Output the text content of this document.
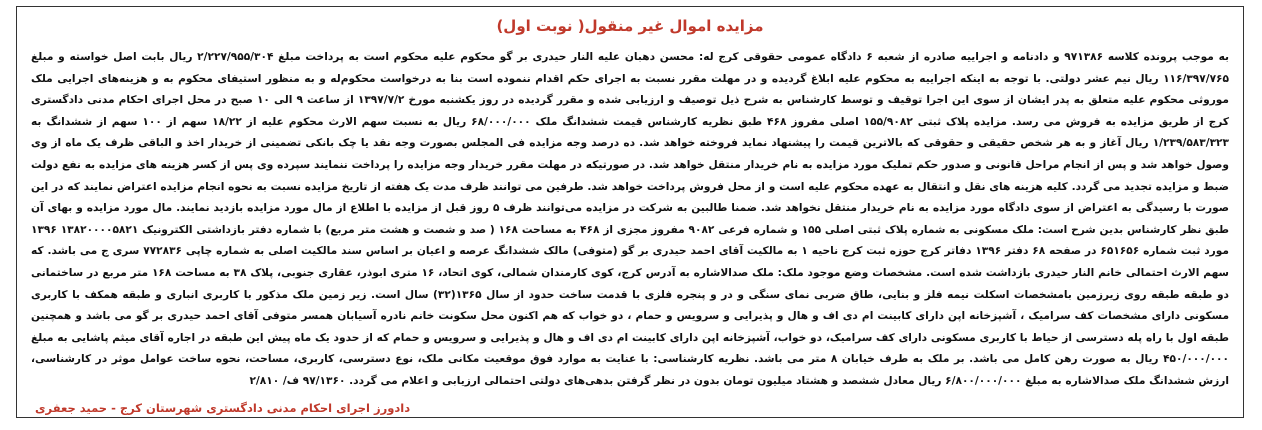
مزایده اموال غیر منقول( نوبت اول)

به موجب پرونده کلاسه ۹۷۱۳۸۶ و دادنامه و اجراییه صادره از شعبه ۶ دادگاه عمومی حقوقی کرج له: محسن دهبان علیه النار حیدری بر گو محکوم علیه محکوم است به پرداخت مبلغ ۲/۲۲۷/۹۵۵/۳۰۴ ریال بابت اصل خواسته و مبلغ ۱۱۶/۳۹۷/۷۶۵ ریال نیم عشر دولتی. با توجه به اینکه اجراییه به محکوم علیه ابلاغ گردیده و در مهلت مقرر نسبت به اجرای حکم اقدام ننموده است بنا به درخواست محکوم‌له و به منظور استیفای محکوم به و هزینه‌های اجرایی ملک موروثی محکوم علیه متعلق به پدر ایشان از سوی این اجرا توقیف و توسط کارشناس به شرح ذیل توصیف و ارزیابی شده و مقرر گردیده در روز یکشنبه مورخ ۱۳۹۷/۷/۲ از ساعت ۹ الی ۱۰ صبح در محل اجرای احکام مدنی دادگستری کرج از طریق مزایده به فروش می رسد. مزایده پلاک ثبتی ۱۵۵/۹۰۸۲ اصلی مفروز ۴۶۸ طبق نظریه کارشناس قیمت ششدانگ ملک ۶۸/۰۰۰/۰۰۰ ریال به نسبت سهم الارث محکوم علیه از ۱۸/۲۲ سهم از ۱۰۰ سهم از ششدانگ به ۱/۲۳۹/۵۸۳/۳۲۳ ریال آغاز و به هر شخص حقیقی و حقوقی که بالاترین قیمت را پیشنهاد نماید فروخته خواهد شد. ده درصد وجه مزایده فی المجلس بصورت وجه نقد یا چک بانکی تضمینی از خریدار اخذ و الباقی ظرف یک ماه از وی وصول خواهد شد و پس از انجام مراحل قانونی و صدور حکم تملیک مورد مزایده به نام خریدار منتقل خواهد شد. در صورتیکه در مهلت مقرر خریدار وجه مزایده را پرداخت ننمایند سپرده وی پس از کسر هزینه های مزایده به نفع دولت ضبط و مزایده تجدید می گردد. کلیه هزینه های نقل و انتقال به عهده محکوم علیه است و از محل فروش پرداخت خواهد شد. طرفین می توانند ظرف مدت یک هفته از تاریخ مزایده نسبت به نحوه انجام مزایده اعتراض نمایند که در این صورت با رسیدگی به اعتراض از سوی دادگاه مورد مزایده به نام خریدار منتقل نخواهد شد. ضمنا طالبین به شرکت در مزایده می‌توانند ظرف ۵ روز قبل از مزایده با اطلاع از مال مورد مزایده بازدید نمایند. مال مورد مزایده و بهای آن طبق نظر کارشناس بدین شرح است: ملک مسکونی به شماره پلاک ثبتی اصلی ۱۵۵ و شماره فرعی ۹۰۸۲ مفروز مجزی از ۴۶۸ به مساحت ۱۶۸ ( صد و شصت و هشت متر مربع) با شماره دفتر بازداشتی الکترونیک ۱۳۸۲۰۰۰۰۵۸۲۱ ۱۳۹۶ مورد ثبت شماره ۶۵۱۶۵۶ در صفحه ۶۸ دفتر ۱۳۹۶ دفاتر کرج حوزه ثبت کرج ناحیه ۱ به مالکیت آقای احمد حیدری بر گو (متوفی) مالک ششدانگ عرصه و اعیان بر اساس سند مالکیت اصلی به شماره چاپی ۷۷۲۸۳۶ سری ج می باشد. که سهم الارث احتمالی خانم النار حیدری بازداشت شده است. مشخصات وضع موجود ملک: ملک صدالاشاره به آدرس کرج، کوی کارمندان شمالی، کوی اتحاد، ۱۶ متری ابوذر، عقاری جنوبی، پلاک ۳۸ به مساحت ۱۶۸ متر مربع در ساختمانی دو طبقه طبقه روی زیرزمین بامشخصات اسکلت نیمه فلز و بنایی، طاق ضربی نمای سنگی و در و پنجره فلزی با قدمت ساخت حدود از سال ۱۳۶۵(۳۲) سال است. زیر زمین ملک مذکور با کاربری انباری و طبقه همکف با کاربری مسکونی دارای مشخصات کف سرامیک ، آشپزخانه اپن دارای کابینت ام دی اف و هال و پذیرایی و سرویس و حمام ، دو خواب که هم اکنون محل سکونت خانم نادره آسیابان همسر متوفی آقای احمد حیدری بر گو می باشد و همچنین طبقه اول با راه پله دسترسی از حیاط با کاربری مسکونی دارای کف سرامیک، دو خواب، آشپزخانه اپن دارای کابینت ام دی اف و هال و پذیرایی و سرویس و حمام که از حدود یک ماه پیش این طبقه در اجاره آقای میثم پاشایی به مبلغ ۴۵۰/۰۰۰/۰۰۰ ریال به صورت رهن کامل می باشد. بر ملک به طرف خیابان ۸ متر می باشد. نظریه کارشناسی: با عنایت به موارد فوق موقعیت مکانی ملک، نوع دسترسی، کاربری، مساحت، نحوه ساخت عوامل موثر در کارشناسی، ارزش ششدانگ ملک صدالاشاره به مبلغ ۶/۸۰۰/۰۰۰/۰۰۰ ریال معادل ششصد و هشتاد میلیون تومان بدون در نظر گرفتن بدهی‌های دولتی احتمالی ارزیابی و اعلام می گردد. ۹۷/۱۳۶۰ ف/ ۲/۸۱۰

دادورز اجرای احکام مدنی دادگستری شهرستان کرج - حمید جعفری
